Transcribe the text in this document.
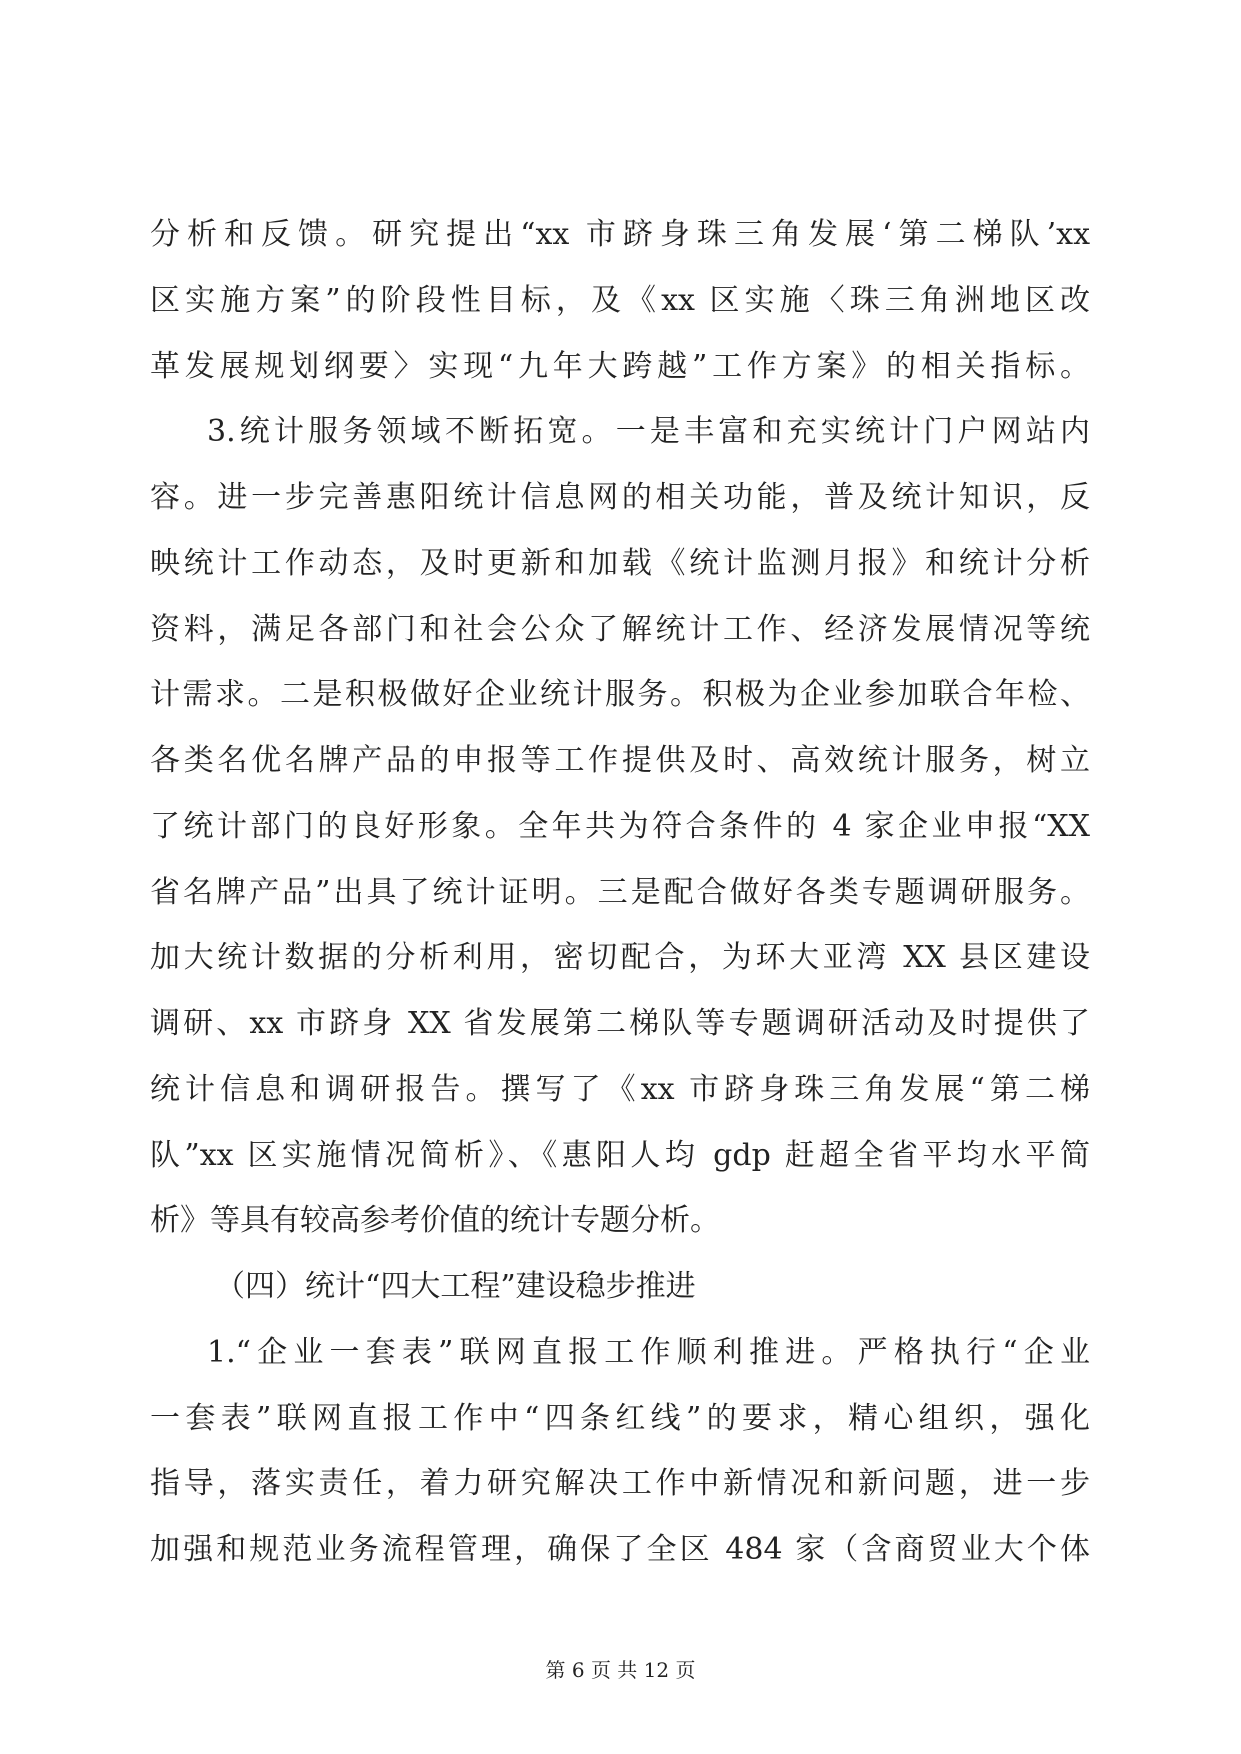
分析和反馈。研究提出“xx 市跻身珠三角发展‘第二梯队’xx
区实施方案”的阶段性目标，及《xx 区实施〈珠三角洲地区改
革发展规划纲要〉实现“九年大跨越”工作方案》的相关指标。
3.统计服务领域不断拓宽。一是丰富和充实统计门户网站内
容。进一步完善惠阳统计信息网的相关功能，普及统计知识，反
映统计工作动态，及时更新和加载《统计监测月报》和统计分析
资料，满足各部门和社会公众了解统计工作、经济发展情况等统
计需求。二是积极做好企业统计服务。积极为企业参加联合年检、
各类名优名牌产品的申报等工作提供及时、高效统计服务，树立
了统计部门的良好形象。全年共为符合条件的 4 家企业申报“XX
省名牌产品”出具了统计证明。三是配合做好各类专题调研服务。
加大统计数据的分析利用，密切配合，为环大亚湾 XX 县区建设
调研、xx 市跻身 XX 省发展第二梯队等专题调研活动及时提供了
统计信息和调研报告。撰写了《xx 市跻身珠三角发展“第二梯
队”xx 区实施情况简析》、《惠阳人均 gdp 赶超全省平均水平简
析》等具有较高参考价值的统计专题分析。
（四）统计“四大工程”建设稳步推进
1.“企业一套表”联网直报工作顺利推进。严格执行“企业
一套表”联网直报工作中“四条红线”的要求，精心组织，强化
指导，落实责任，着力研究解决工作中新情况和新问题，进一步
加强和规范业务流程管理，确保了全区 484 家（含商贸业大个体
第 6 页 共 12 页
